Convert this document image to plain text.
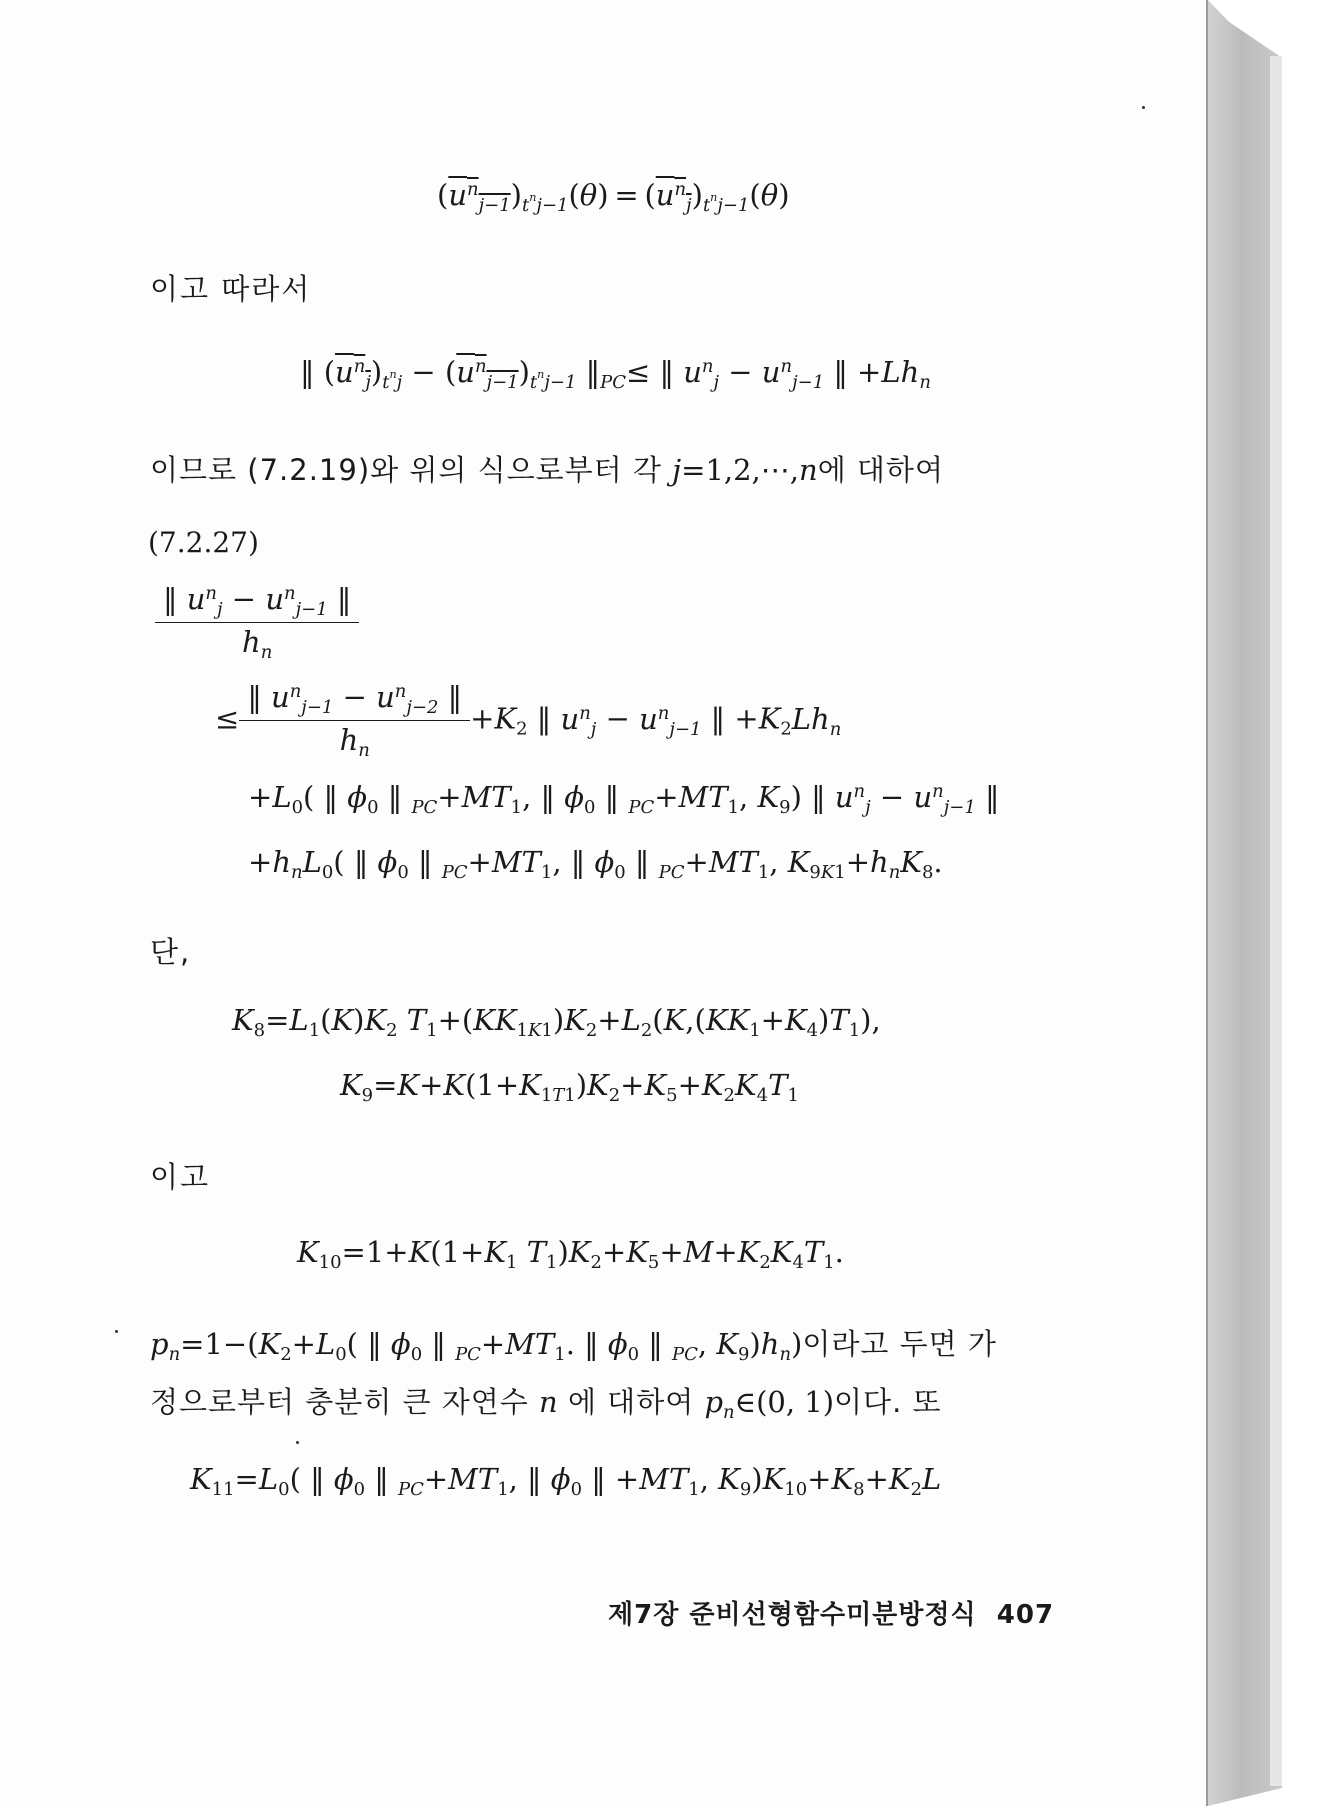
$(u^n_{j-1})_{t^nj-1}(\theta) = (u^n_j)_{t^nj-1}(\theta)$
이고 따라서
‖ $(u^n_j)_{t^nj} - (u^n_{j-1})_{t^nj-1}$ $‖_{PC}\le$ ‖ $u^n_j - u^n_{j-1}$ ‖ $+Lh_n$
이므로 (7.2.19)와 위의 식으로부터 각 j=1,2,⋯,n에 대하여
(7.2.27)
$\frac{‖ u^n_j - u^n_{j-1} ‖}{h_n}$
≤ $\frac{‖ u^n_{j-1} - u^n_{j-2} ‖}{h_n} +K_2$ ‖ $u^n_j - u^n_{j-1}$ ‖ $+K_2Lh_n$
$+L_0$( ‖ $\phi_0$ ‖ $_{PC}+MT_1$, ‖ $\phi_0$ ‖ $_{PC}+MT_1$, $K_9$) ‖ $u^n_j - u^n_{j-1}$ ‖
$+h_nL_0$( ‖ $\phi_0$ ‖ $_{PC}+MT_1$, ‖ $\phi_0$ ‖ $_{PC}+MT_1$, $K_{9K1}+h_nK_8$.
단,
$K_8=L_1(K)K_2$ $T_1+(KK_{1K1})K_2+L_2(K,(KK_1+K_4)T_1)$,
$K_9=K+K(1+K_{1T1})K_2+K_5+K_2K_4T_1$
이고
$K_{10}=1+K(1+K_1$ $T_1)K_2+K_5+M+K_2K_4T_1$.
$p_n=1-(K_2+L_0$( ‖ $\phi_0$ ‖ $_{PC}+MT_1$. ‖ $\phi_0$ ‖ $_{PC}$, $K_9)h_n$)이라고 두면 가
정으로부터 충분히 큰 자연수 n 에 대하여 $p_n\in(0$, 1)이다. 또
$K_{11}=L_0$( ‖ $\phi_0$ ‖ $_{PC}+MT_1$, ‖ $\phi_0$ ‖ $+MT_1$, $K_9)K_{10}+K_8+K_2L$
제7장 준비선형함수미분방정식 407
